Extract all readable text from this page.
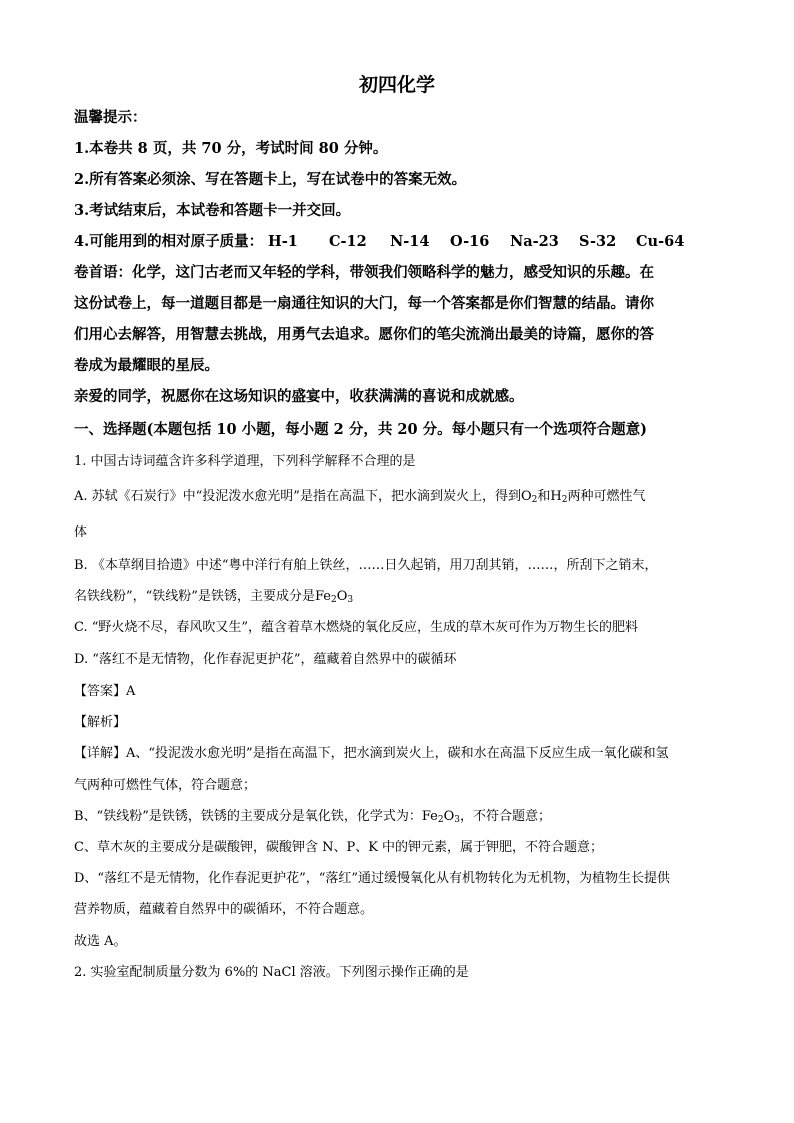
初四化学
温馨提示：
1.本卷共 8 页，共 70 分，考试时间 80 分钟。
2.所有答案必须涂、写在答题卡上，写在试卷中的答案无效。
3.考试结束后，本试卷和答题卡一并交回。
4.可能用到的相对原子质量： H-1 C-12 N-14 O-16 Na-23 S-32 Cu-64
卷首语：化学，这门古老而又年轻的学科，带领我们领略科学的魅力，感受知识的乐趣。在
这份试卷上，每一道题目都是一扇通往知识的大门，每一个答案都是你们智慧的结晶。请你
们用心去解答，用智慧去挑战，用勇气去追求。愿你们的笔尖流淌出最美的诗篇，愿你的答
卷成为最耀眼的星辰。
亲爱的同学，祝愿你在这场知识的盛宴中，收获满满的喜说和成就感。
一、选择题(本题包括 10 小题，每小题 2 分，共 20 分。每小题只有一个选项符合题意)
1. 中国古诗词蕴含许多科学道理，下列科学解释不合理的是
A. 苏轼《石炭行》中“投泥泼水愈光明”是指在高温下，把水滴到炭火上，得到$O_2$和$H_2$两种可燃性气
体
B. 《本草纲目拾遗》中述“粤中洋行有舶上铁丝，……日久起销，用刀刮其销，……，所刮下之销末，
名铁线粉”，“铁线粉”是铁锈，主要成分是$Fe_2O_3$
C. “野火烧不尽，春风吹又生”，蕴含着草木燃烧的氧化反应，生成的草木灰可作为万物生长的肥料
D. “落红不是无情物，化作春泥更护花”，蕴藏着自然界中的碳循环
【答案】A
【解析】
【详解】A、“投泥泼水愈光明”是指在高温下，把水滴到炭火上，碳和水在高温下反应生成一氧化碳和氢
气两种可燃性气体，符合题意；
B、“铁线粉”是铁锈，铁锈的主要成分是氧化铁，化学式为：$Fe_2O_3$，不符合题意；
C、草木灰的主要成分是碳酸钾，碳酸钾含 N、P、K 中的钾元素，属于钾肥，不符合题意；
D、“落红不是无情物，化作春泥更护花”，“落红”通过缓慢氧化从有机物转化为无机物，为植物生长提供
营养物质，蕴藏着自然界中的碳循环，不符合题意。
故选 A。
2. 实验室配制质量分数为 6%的 NaCl 溶液。下列图示操作正确的是
